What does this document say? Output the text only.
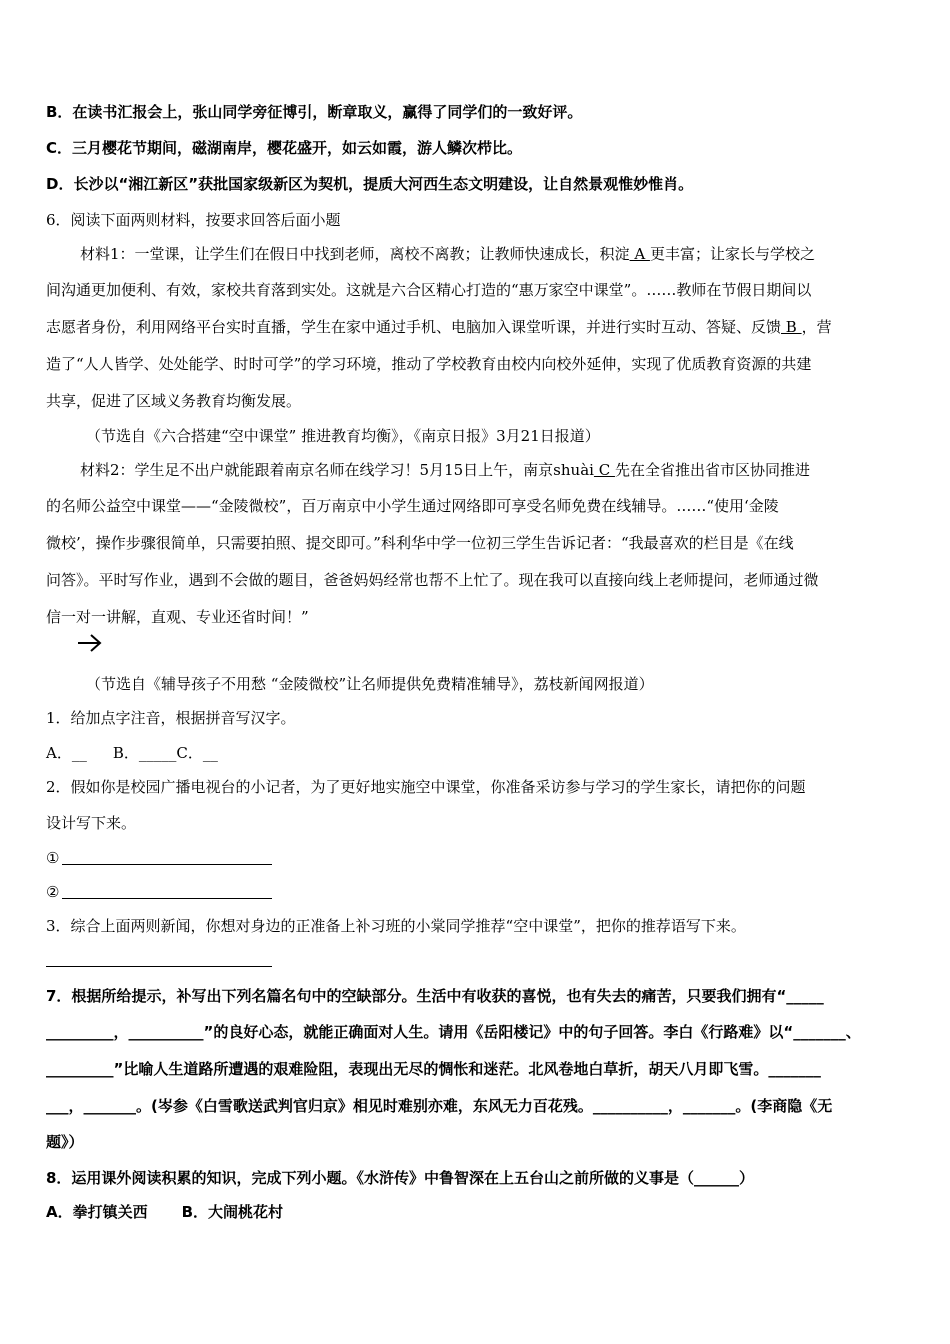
B．在读书汇报会上，张山同学旁征博引，断章取义，赢得了同学们的一致好评。
C．三月樱花节期间，磁湖南岸，樱花盛开，如云如霞，游人鳞次栉比。
D．长沙以“湘江新区”获批国家级新区为契机，提质大河西生态文明建设，让自然景观惟妙惟肖。
6．阅读下面两则材料，按要求回答后面小题
材料1：一堂课，让学生们在假日中找到老师，离校不离教；让教师快速成长，积淀 A 更丰富；让家长与学校之
间沟通更加便利、有效，家校共育落到实处。这就是六合区精心打造的“惠万家空中课堂”。……教师在节假日期间以
志愿者身份，利用网络平台实时直播，学生在家中通过手机、电脑加入课堂听课，并进行实时互动、答疑、反馈 B ，营
造了“人人皆学、处处能学、时时可学”的学习环境，推动了学校教育由校内向校外延伸，实现了优质教育资源的共建
共享，促进了区域义务教育均衡发展。
（节选自《六合搭建“空中课堂” 推进教育均衡》，《南京日报》3月21日报道）
材料2：学生足不出户就能跟着南京名师在线学习！5月15日上午，南京shuài C 先在全省推出省市区协同推进
的名师公益空中课堂——“金陵微校”，百万南京中小学生通过网络即可享受名师免费在线辅导。……“使用‘金陵
微校’，操作步骤很简单，只需要拍照、提交即可。”科利华中学一位初三学生告诉记者：“我最喜欢的栏目是《在线
问答》。平时写作业，遇到不会做的题目，爸爸妈妈经常也帮不上忙了。现在我可以直接向线上老师提问，老师通过微
信一对一讲解，直观、专业还省时间！”
（节选自《辅导孩子不用愁 “金陵微校”让名师提供免费精准辅导》，荔枝新闻网报道）
1．给加点字注音，根据拼音写汉字。
A．__ B．_____C．__
2．假如你是校园广播电视台的小记者，为了更好地实施空中课堂，你准备采访参与学习的学生家长，请把你的问题
设计写下来。
①
②
3．综合上面两则新闻，你想对身边的正准备上补习班的小棠同学推荐“空中课堂”，把你的推荐语写下来。
7．根据所给提示，补写出下列名篇名句中的空缺部分。生活中有收获的喜悦，也有失去的痛苦，只要我们拥有“_____
_________，__________”的良好心态，就能正确面对人生。请用《岳阳楼记》中的句子回答。李白《行路难》以“_______、
_________”比喻人生道路所遭遇的艰难险阻，表现出无尽的惆怅和迷茫。北风卷地白草折，胡天八月即飞雪。_______
___，_______。(岑参《白雪歌送武判官归京》相见时难别亦难，东风无力百花残。__________，_______。(李商隐《无
题》）
8．运用课外阅读积累的知识，完成下列小题。《水浒传》中鲁智深在上五台山之前所做的义事是（______）
A．拳打镇关西 B．大闹桃花村
